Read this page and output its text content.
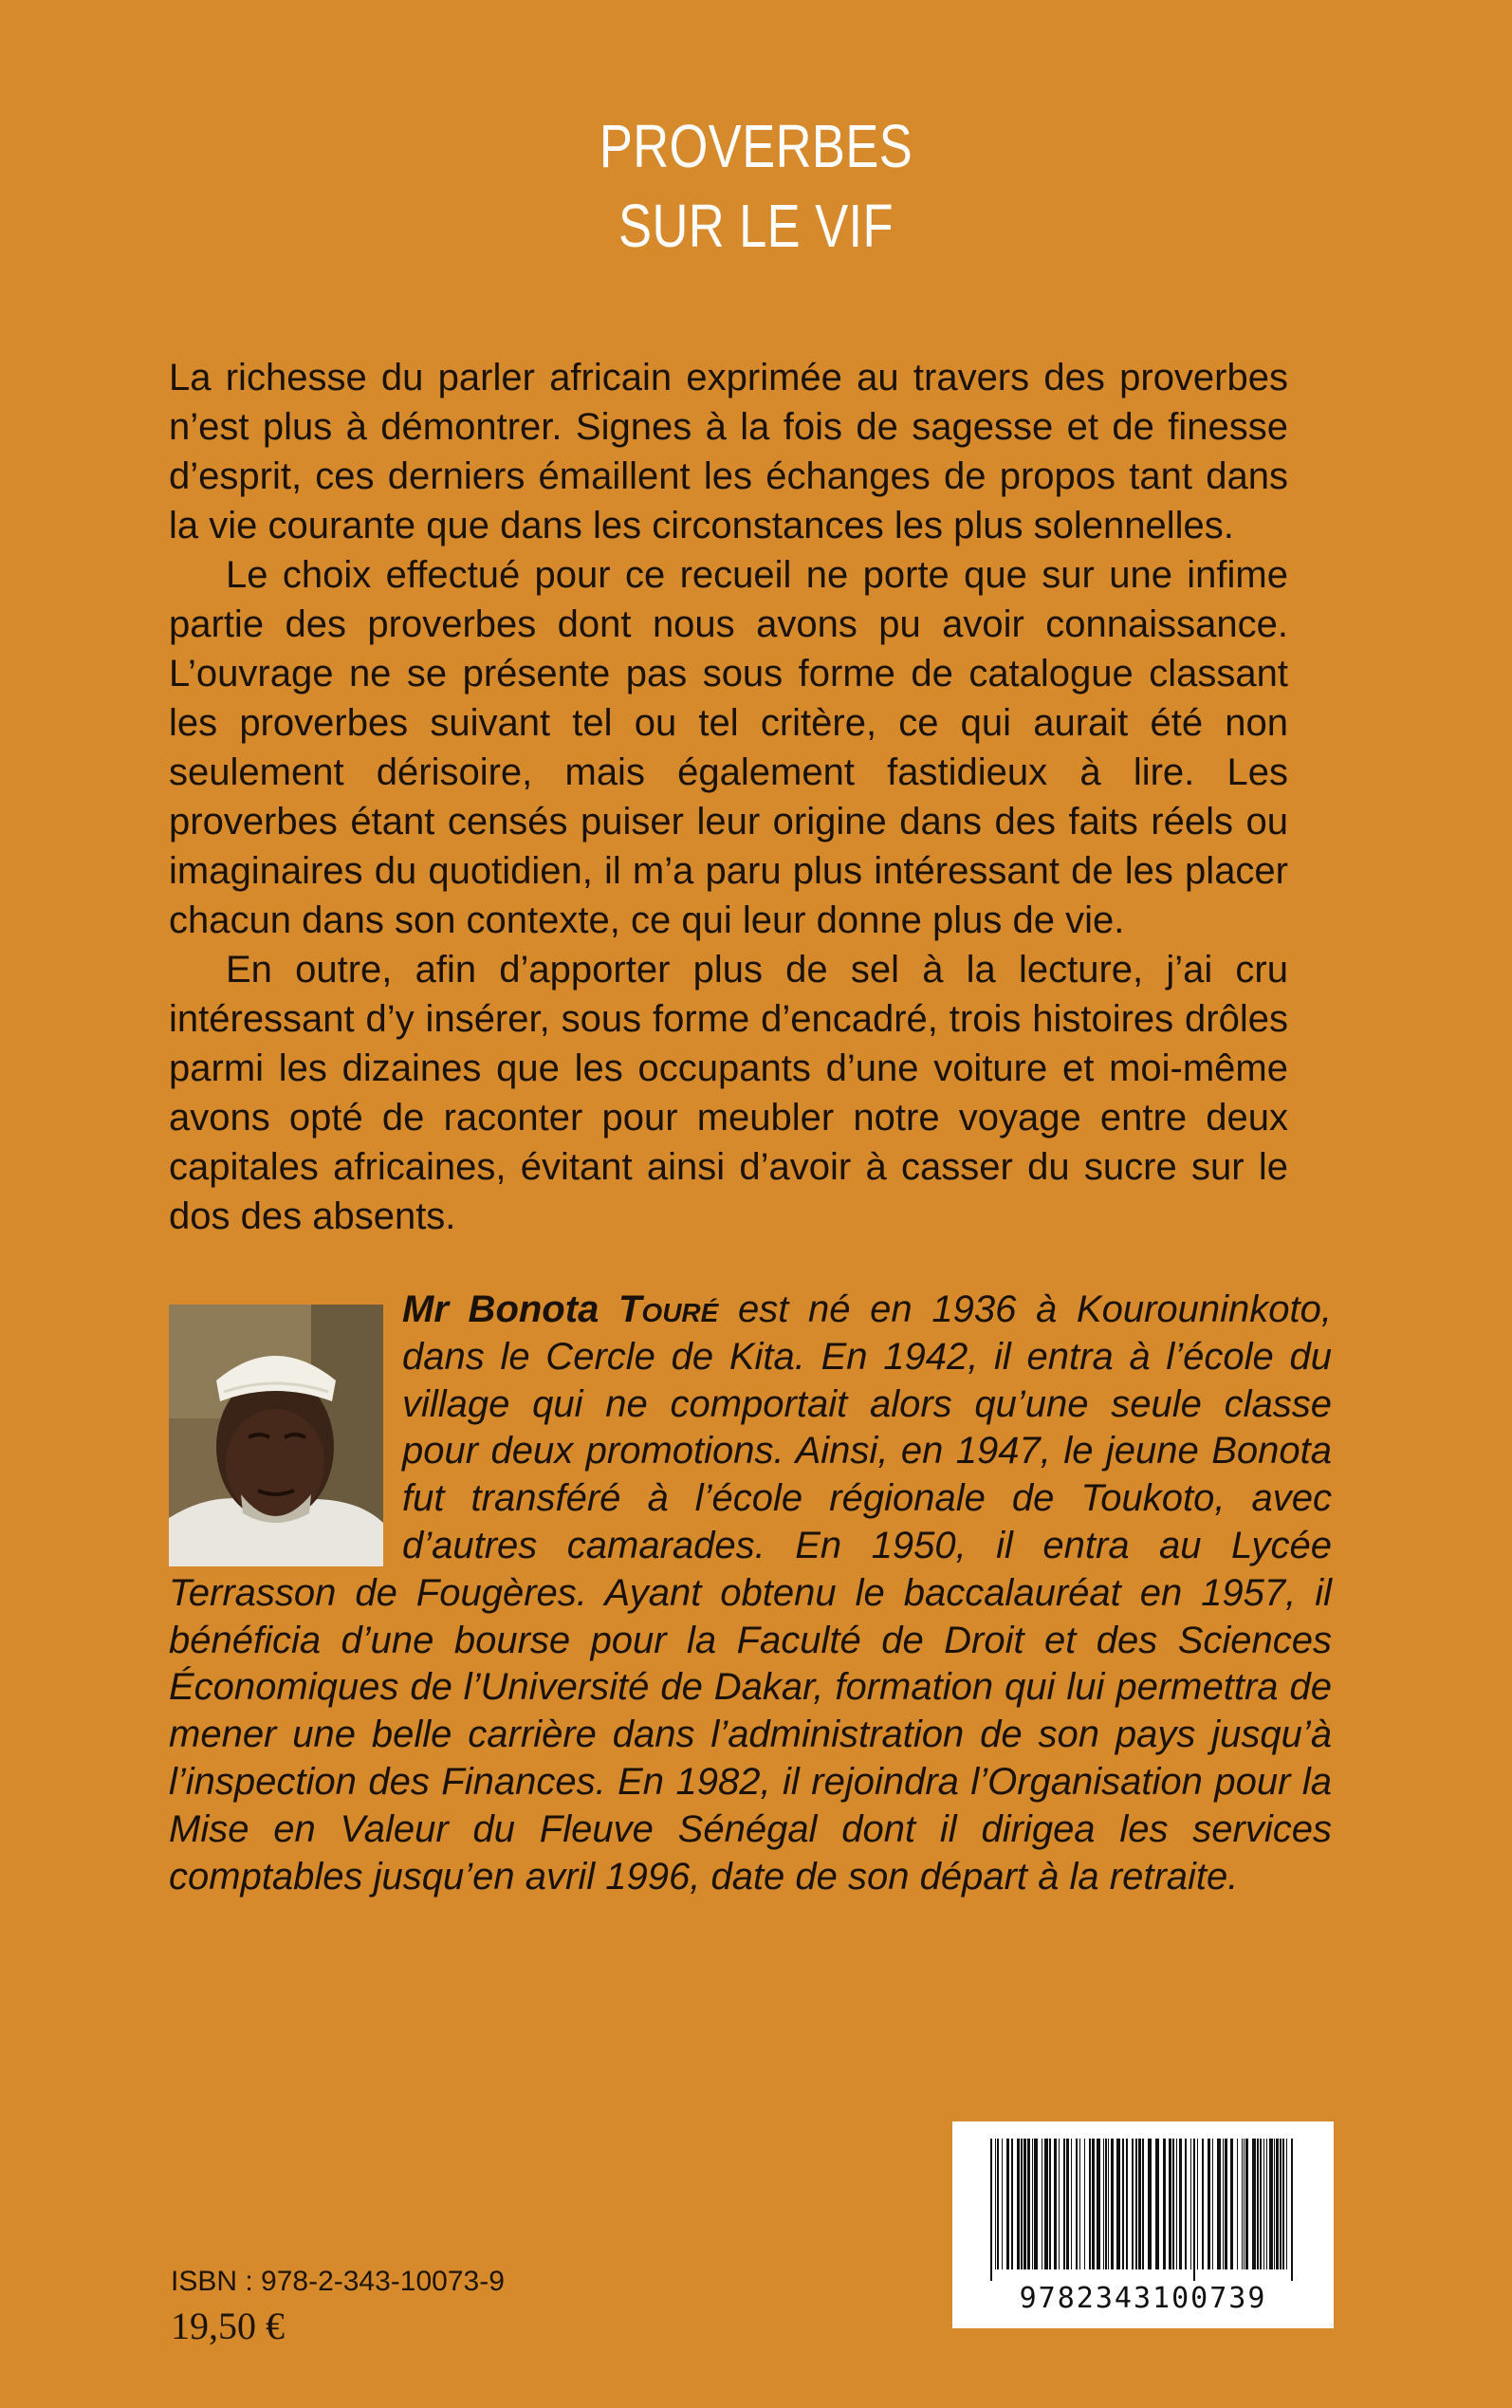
PROVERBES
SUR LE VIF

La richesse du parler africain exprimée au travers des proverbes n’est plus à démontrer. Signes à la fois de sagesse et de finesse d’esprit, ces derniers émaillent les échanges de propos tant dans la vie courante que dans les circonstances les plus solennelles.

Le choix effectué pour ce recueil ne porte que sur une infime partie des proverbes dont nous avons pu avoir connaissance. L’ouvrage ne se présente pas sous forme de catalogue classant les proverbes suivant tel ou tel critère, ce qui aurait été non seulement dérisoire, mais également fastidieux à lire. Les proverbes étant censés puiser leur origine dans des faits réels ou imaginaires du quotidien, il m’a paru plus intéressant de les placer chacun dans son contexte, ce qui leur donne plus de vie.

En outre, afin d’apporter plus de sel à la lecture, j’ai cru intéressant d’y insérer, sous forme d’encadré, trois histoires drôles parmi les dizaines que les occupants d’une voiture et moi-même avons opté de raconter pour meubler notre voyage entre deux capitales africaines, évitant ainsi d’avoir à casser du sucre sur le dos des absents.

Mr Bonota Touré est né en 1936 à Kourouninkoto, dans le Cercle de Kita. En 1942, il entra à l’école du village qui ne comportait alors qu’une seule classe pour deux promotions. Ainsi, en 1947, le jeune Bonota fut transféré à l’école régionale de Toukoto, avec d’autres camarades. En 1950, il entra au Lycée Terrasson de Fougères. Ayant obtenu le baccalauréat en 1957, il bénéficia d’une bourse pour la Faculté de Droit et des Sciences Économiques de l’Université de Dakar, formation qui lui permettra de mener une belle carrière dans l’administration de son pays jusqu’à l’inspection des Finances. En 1982, il rejoindra l’Organisation pour la Mise en Valeur du Fleuve Sénégal dont il dirigea les services comptables jusqu’en avril 1996, date de son départ à la retraite.
9782343100739
ISBN : 978-2-343-10073-9
19,50 €
